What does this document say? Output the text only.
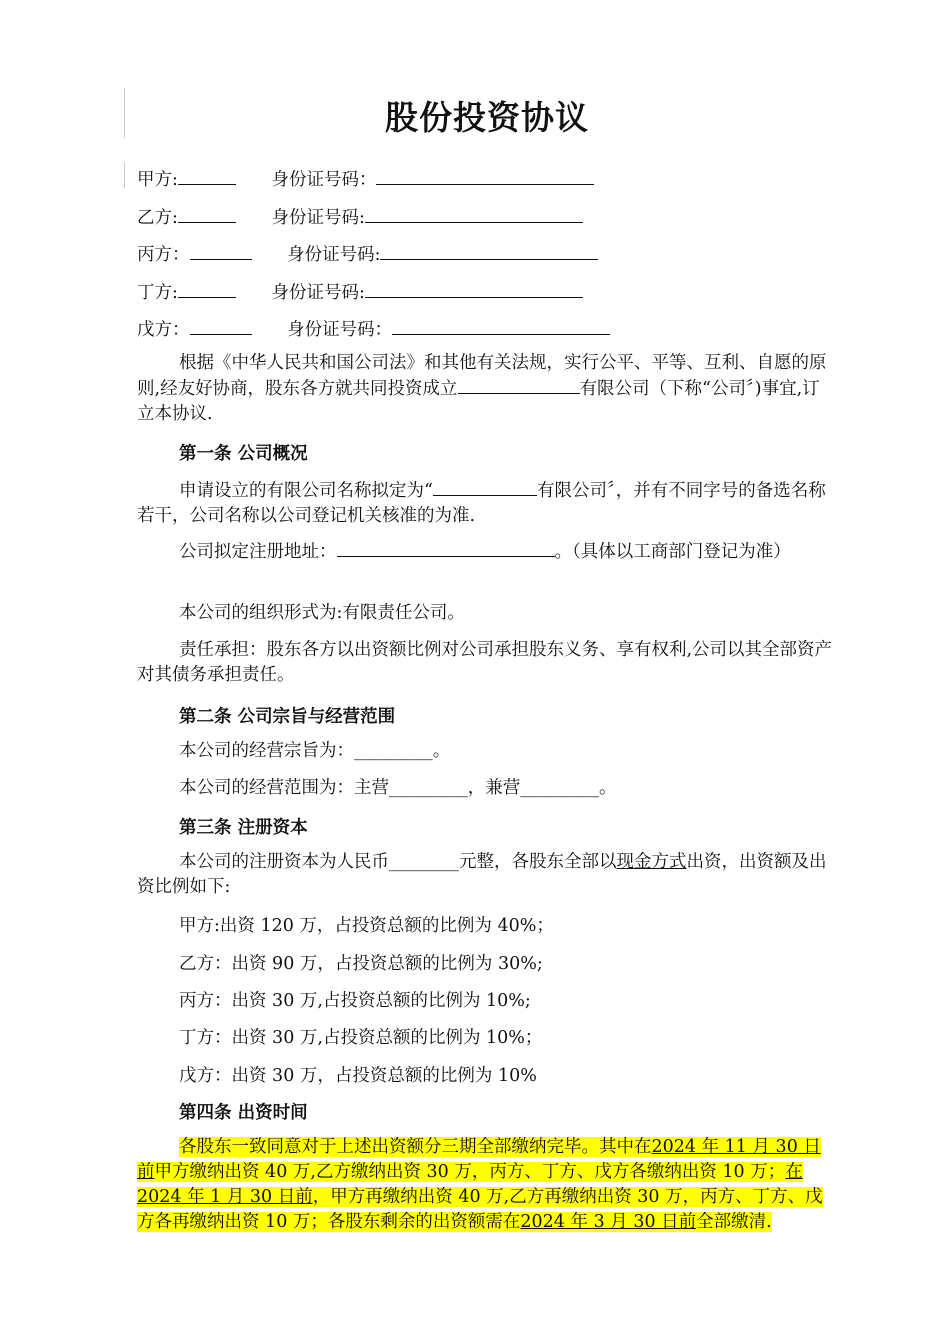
股份投资协议
甲方:	身份证号码：
乙方:	身份证号码:
丙方：	身份证号码:
丁方:	身份证号码:
戊方：	身份证号码：

根据《中华人民共和国公司法》和其他有关法规，实行公平、平等、互利、自愿的原则,经友好协商，股东各方就共同投资成立	有限公司（下称“公司〞)事宜,订立本协议.

第一条 公司概况

申请设立的有限公司名称拟定为“	有限公司〞，并有不同字号的备选名称若干，公司名称以公司登记机关核准的为准.

公司拟定注册地址：	。（具体以工商部门登记为准）

本公司的组织形式为:有限责任公司。

责任承担：股东各方以出资额比例对公司承担股东义务、享有权利,公司以其全部资产对其债务承担责任。

第二条 公司宗旨与经营范围

本公司的经营宗旨为：_________。

本公司的经营范围为：主营_________，兼营_________。

第三条 注册资本

本公司的注册资本为人民币________元整，各股东全部以现金方式出资，出资额及出资比例如下:

甲方:出资 120 万，占投资总额的比例为 40%；
乙方：出资 90 万，占投资总额的比例为 30%;
丙方：出资 30 万,占投资总额的比例为 10%;
丁方：出资 30 万,占投资总额的比例为 10%；
戊方：出资 30 万，占投资总额的比例为 10%
第四条 出资时间

各股东一致同意对于上述出资额分三期全部缴纳完毕。其中在2024 年 11 月 30 日前甲方缴纳出资 40 万,乙方缴纳出资 30 万，丙方、丁方、戊方各缴纳出资 10 万；在 2024 年 1 月 30 日前，甲方再缴纳出资 40 万,乙方再缴纳出资 30 万，丙方、丁方、戊方各再缴纳出资 10 万；各股东剩余的出资额需在2024 年 3 月 30 日前全部缴清.
